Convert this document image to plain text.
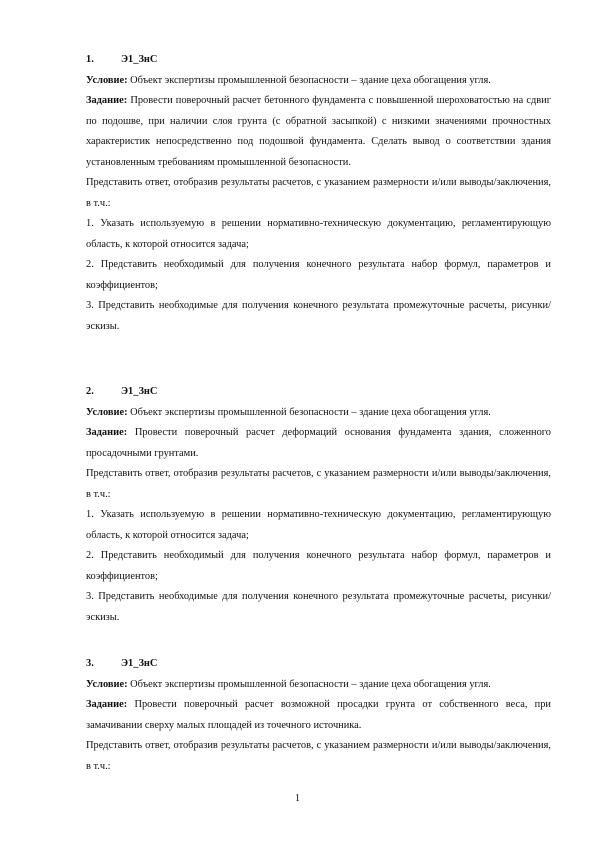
1.	Э1_ЗнС

Условие: Объект экспертизы промышленной безопасности – здание цеха обогащения угля.

Задание: Провести поверочный расчет бетонного фундамента с повышенной шероховатостью на сдвиг по подошве, при наличии слоя грунта (с обратной засыпкой) с низкими значениями прочностных характеристик непосредственно под подошвой фундамента. Сделать вывод о соответствии здания установленным требованиям промышленной безопасности.

Представить ответ, отобразив результаты расчетов, с указанием размерности и/или выводы/заключения, в т.ч.:

1. Указать используемую в решении нормативно-техническую документацию, регламентирующую область, к которой относится задача;

2. Представить необходимый для получения конечного результата набор формул, параметров и коэффициентов;

3. Представить необходимые для получения конечного результата промежуточные расчеты, рисунки/эскизы.

2.	Э1_ЗнС

Условие: Объект экспертизы промышленной безопасности – здание цеха обогащения угля.

Задание: Провести поверочный расчет деформаций основания фундамента здания, сложенного просадочными грунтами.

Представить ответ, отобразив результаты расчетов, с указанием размерности и/или выводы/заключения, в т.ч.:

1. Указать используемую в решении нормативно-техническую документацию, регламентирующую область, к которой относится задача;

2. Представить необходимый для получения конечного результата набор формул, параметров и коэффициентов;

3. Представить необходимые для получения конечного результата промежуточные расчеты, рисунки/эскизы.

3.	Э1_ЗнС

Условие: Объект экспертизы промышленной безопасности – здание цеха обогащения угля.

Задание: Провести поверочный расчет возможной просадки грунта от собственного веса, при замачивании сверху малых площадей из точечного источника.

Представить ответ, отобразив результаты расчетов, с указанием размерности и/или выводы/заключения, в т.ч.:

1
